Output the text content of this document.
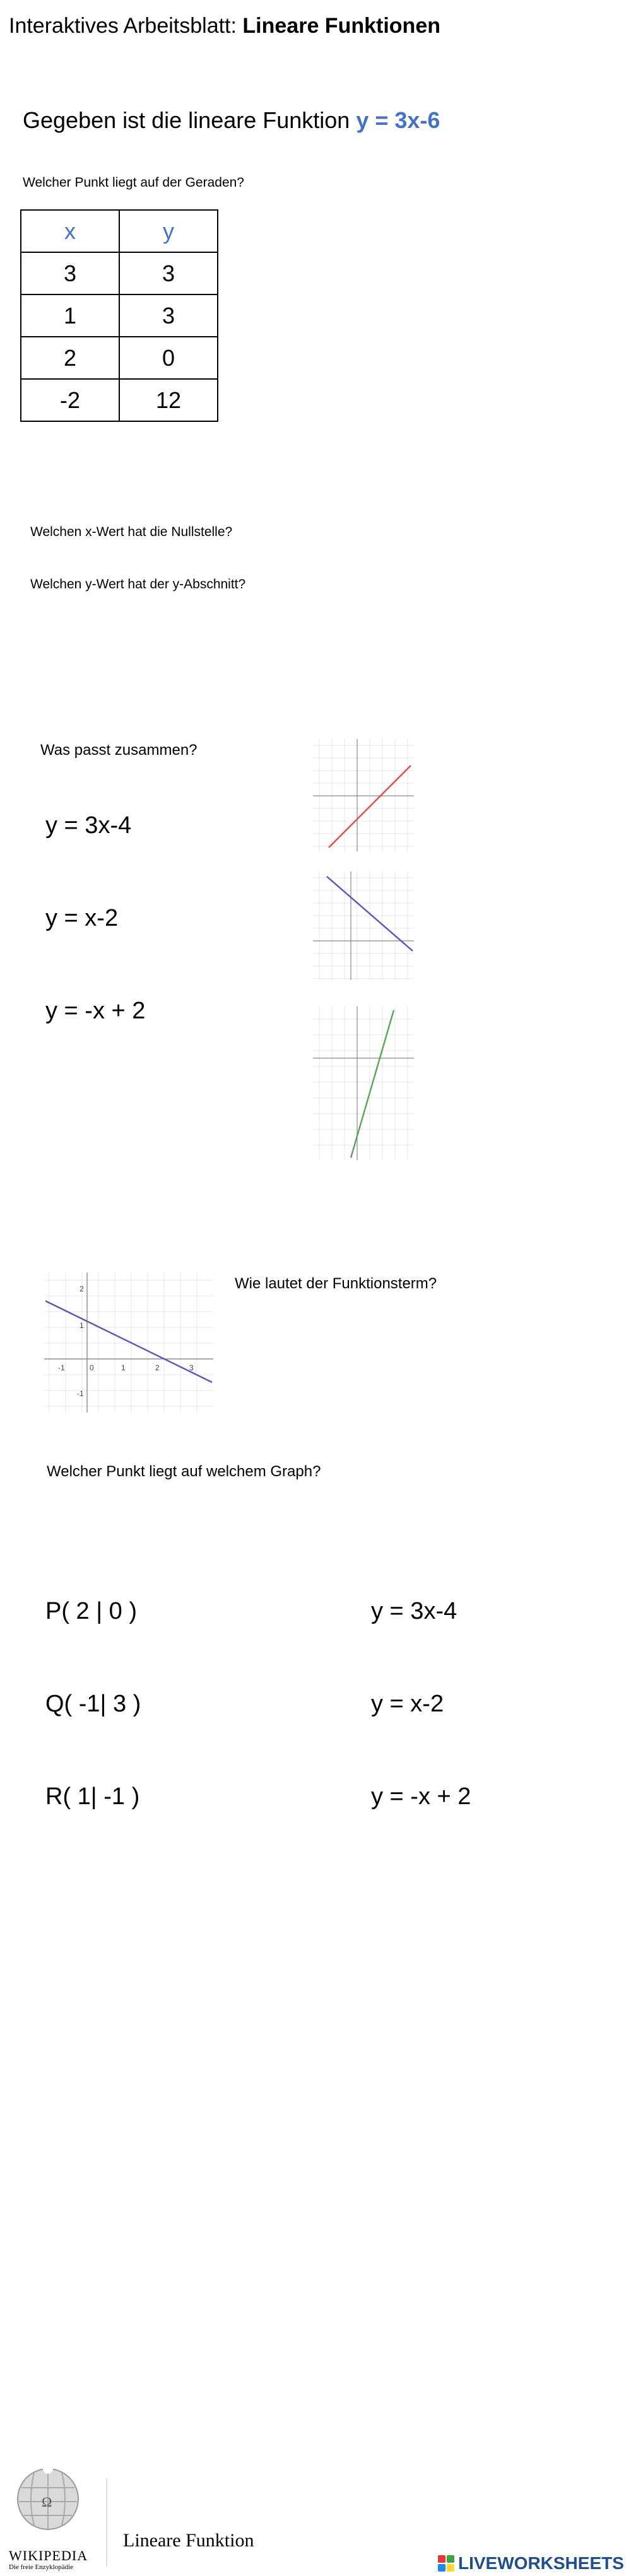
Interaktives Arbeitsblatt: Lineare Funktionen
Gegeben ist die lineare Funktion y = 3x-6
Welcher Punkt liegt auf der Geraden?
x	y
3	3
1	3
2	0
-2	12
Welchen x-Wert hat die Nullstelle?
Welchen y-Wert hat der y-Abschnitt?
Was passt zusammen?
y = 3x-4
y = x-2
y = -x + 2
-1	0	1	2	3
2
1
-1
Wie lautet der Funktionsterm?
Welcher Punkt liegt auf welchem Graph?
P( 2 | 0 )
Q( -1| 3 )
R( 1| -1 )
y = 3x-4
y = x-2
y = -x + 2
Ω
WIKIPEDIA
Die freie Enzyklopädie
Lineare Funktion
LIVEWORKSHEETS
